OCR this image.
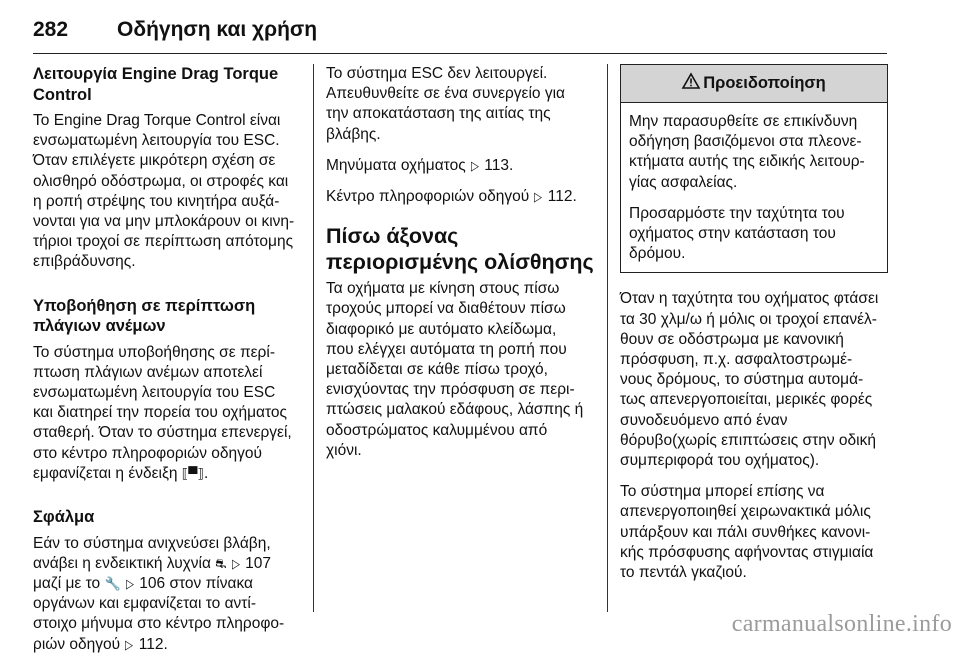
282 Οδήγηση και χρήση
Λειτουργία Engine Drag Torque Control
Το Engine Drag Torque Control είναι
ενσωματωμένη λειτουργία του ESC.
Όταν επιλέγετε μικρότερη σχέση σε
ολισθηρό οδόστρωμα, οι στροφές και
η ροπή στρέψης του κινητήρα αυξά-
νονται για να μην μπλοκάρουν οι κινη-
τήριοι τροχοί σε περίπτωση απότομης
επιβράδυνσης.
Υποβοήθηση σε περίπτωση πλάγιων ανέμων
Το σύστημα υποβοήθησης σε περί-
πτωση πλάγιων ανέμων αποτελεί
ενσωματωμένη λειτουργία του ESC
και διατηρεί την πορεία του οχήματος
σταθερή. Όταν το σύστημα επενεργεί,
στο κέντρο πληροφοριών οδηγού
εμφανίζεται η ένδειξη ⟦▀⟧.
Σφάλμα
Εάν το σύστημα ανιχνεύσει βλάβη,
ανάβει η ενδεικτική λυχνία ⛐ ▷ 107
μαζί με το 🔧 ▷ 106 στον πίνακα
οργάνων και εμφανίζεται το αντί-
στοιχο μήνυμα στο κέντρο πληροφο-
ριών οδηγού ▷ 112.
Το σύστημα ESC δεν λειτουργεί.
Απευθυνθείτε σε ένα συνεργείο για
την αποκατάσταση της αιτίας της
βλάβης.
Μηνύματα οχήματος ▷ 113.
Κέντρο πληροφοριών οδηγού ▷ 112.
Πίσω άξονας περιορισμένης ολίσθησης
Τα οχήματα με κίνηση στους πίσω
τροχούς μπορεί να διαθέτουν πίσω
διαφορικό με αυτόματο κλείδωμα,
που ελέγχει αυτόματα τη ροπή που
μεταδίδεται σε κάθε πίσω τροχό,
ενισχύοντας την πρόσφυση σε περι-
πτώσεις μαλακού εδάφους, λάσπης ή
οδοστρώματος καλυμμένου από
χιόνι.
Προειδοποίηση
Μην παρασυρθείτε σε επικίνδυνη
οδήγηση βασιζόμενοι στα πλεονε-
κτήματα αυτής της ειδικής λειτουρ-
γίας ασφαλείας.
Προσαρμόστε την ταχύτητα του
οχήματος στην κατάσταση του
δρόμου.
Όταν η ταχύτητα του οχήματος φτάσει
τα 30 χλμ/ω ή μόλις οι τροχοί επανέλ-
θουν σε οδόστρωμα με κανονική
πρόσφυση, π.χ. ασφαλτοστρωμέ-
νους δρόμους, το σύστημα αυτομά-
τως απενεργοποιείται, μερικές φορές
συνοδευόμενο από έναν
θόρυβο(χωρίς επιπτώσεις στην οδική
συμπεριφορά του οχήματος).
Το σύστημα μπορεί επίσης να
απενεργοποιηθεί χειρωνακτικά μόλις
υπάρξουν και πάλι συνθήκες κανονι-
κής πρόσφυσης αφήνοντας στιγμιαία
το πεντάλ γκαζιού.
carmanualsonline.info
